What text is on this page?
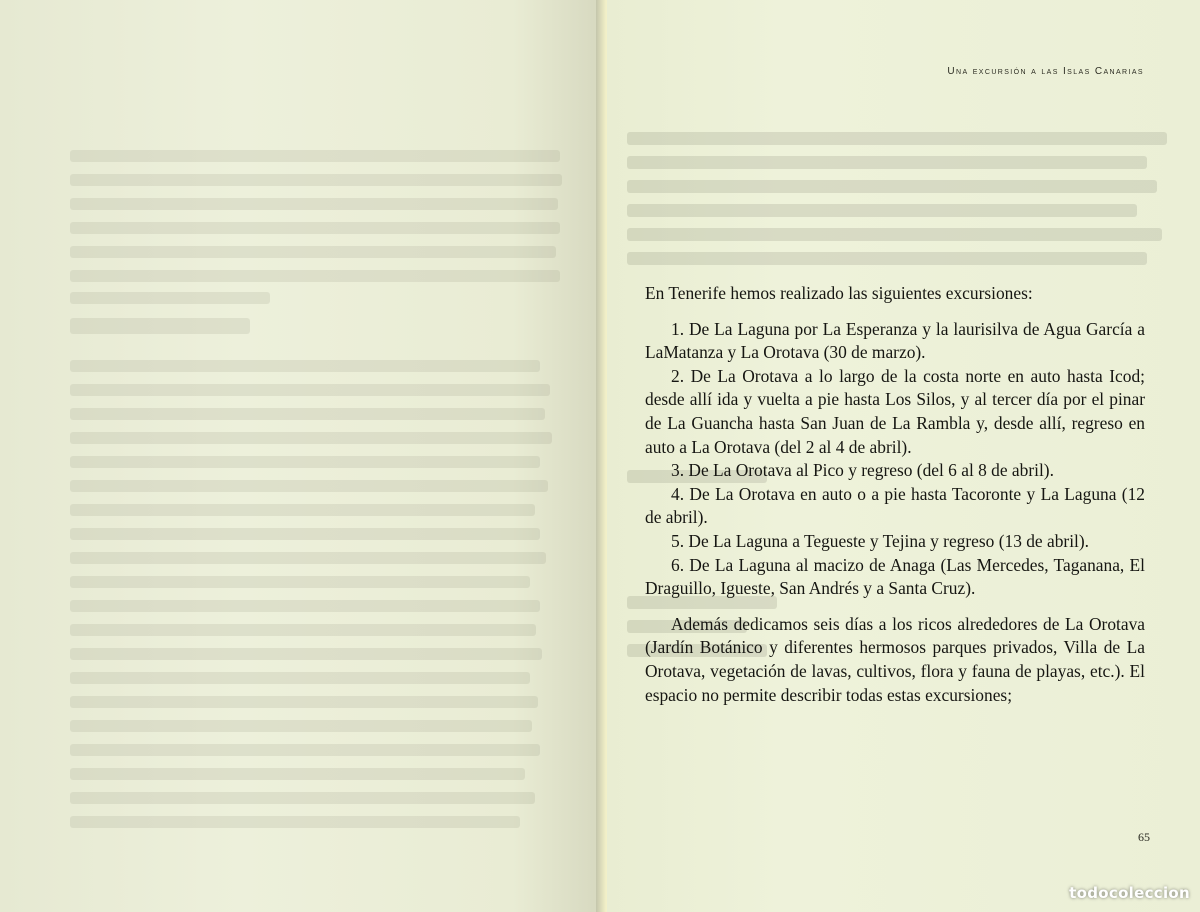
Una excursión a las Islas Canarias

En Tenerife hemos realizado las siguientes excursiones:

1. De La Laguna por La Esperanza y la laurisilva de Agua García a LaMatanza y La Orotava (30 de marzo).

2. De La Orotava a lo largo de la costa norte en auto hasta Icod; desde allí ida y vuelta a pie hasta Los Silos, y al tercer día por el pinar de La Guancha hasta San Juan de La Rambla y, desde allí, regreso en auto a La Orotava (del 2 al 4 de abril).

3. De La Orotava al Pico y regreso (del 6 al 8 de abril).

4. De La Orotava en auto o a pie hasta Tacoronte y La Laguna (12 de abril).

5. De La Laguna a Tegueste y Tejina y regreso (13 de abril).

6. De La Laguna al macizo de Anaga (Las Mercedes, Taganana, El Draguillo, Igueste, San Andrés y a Santa Cruz).

Además dedicamos seis días a los ricos alrededores de La Orotava (Jardín Botánico y diferentes hermosos parques privados, Villa de La Orotava, vegetación de lavas, cultivos, flora y fauna de playas, etc.). El espacio no permite describir todas estas excursiones;

65
todocoleccion
